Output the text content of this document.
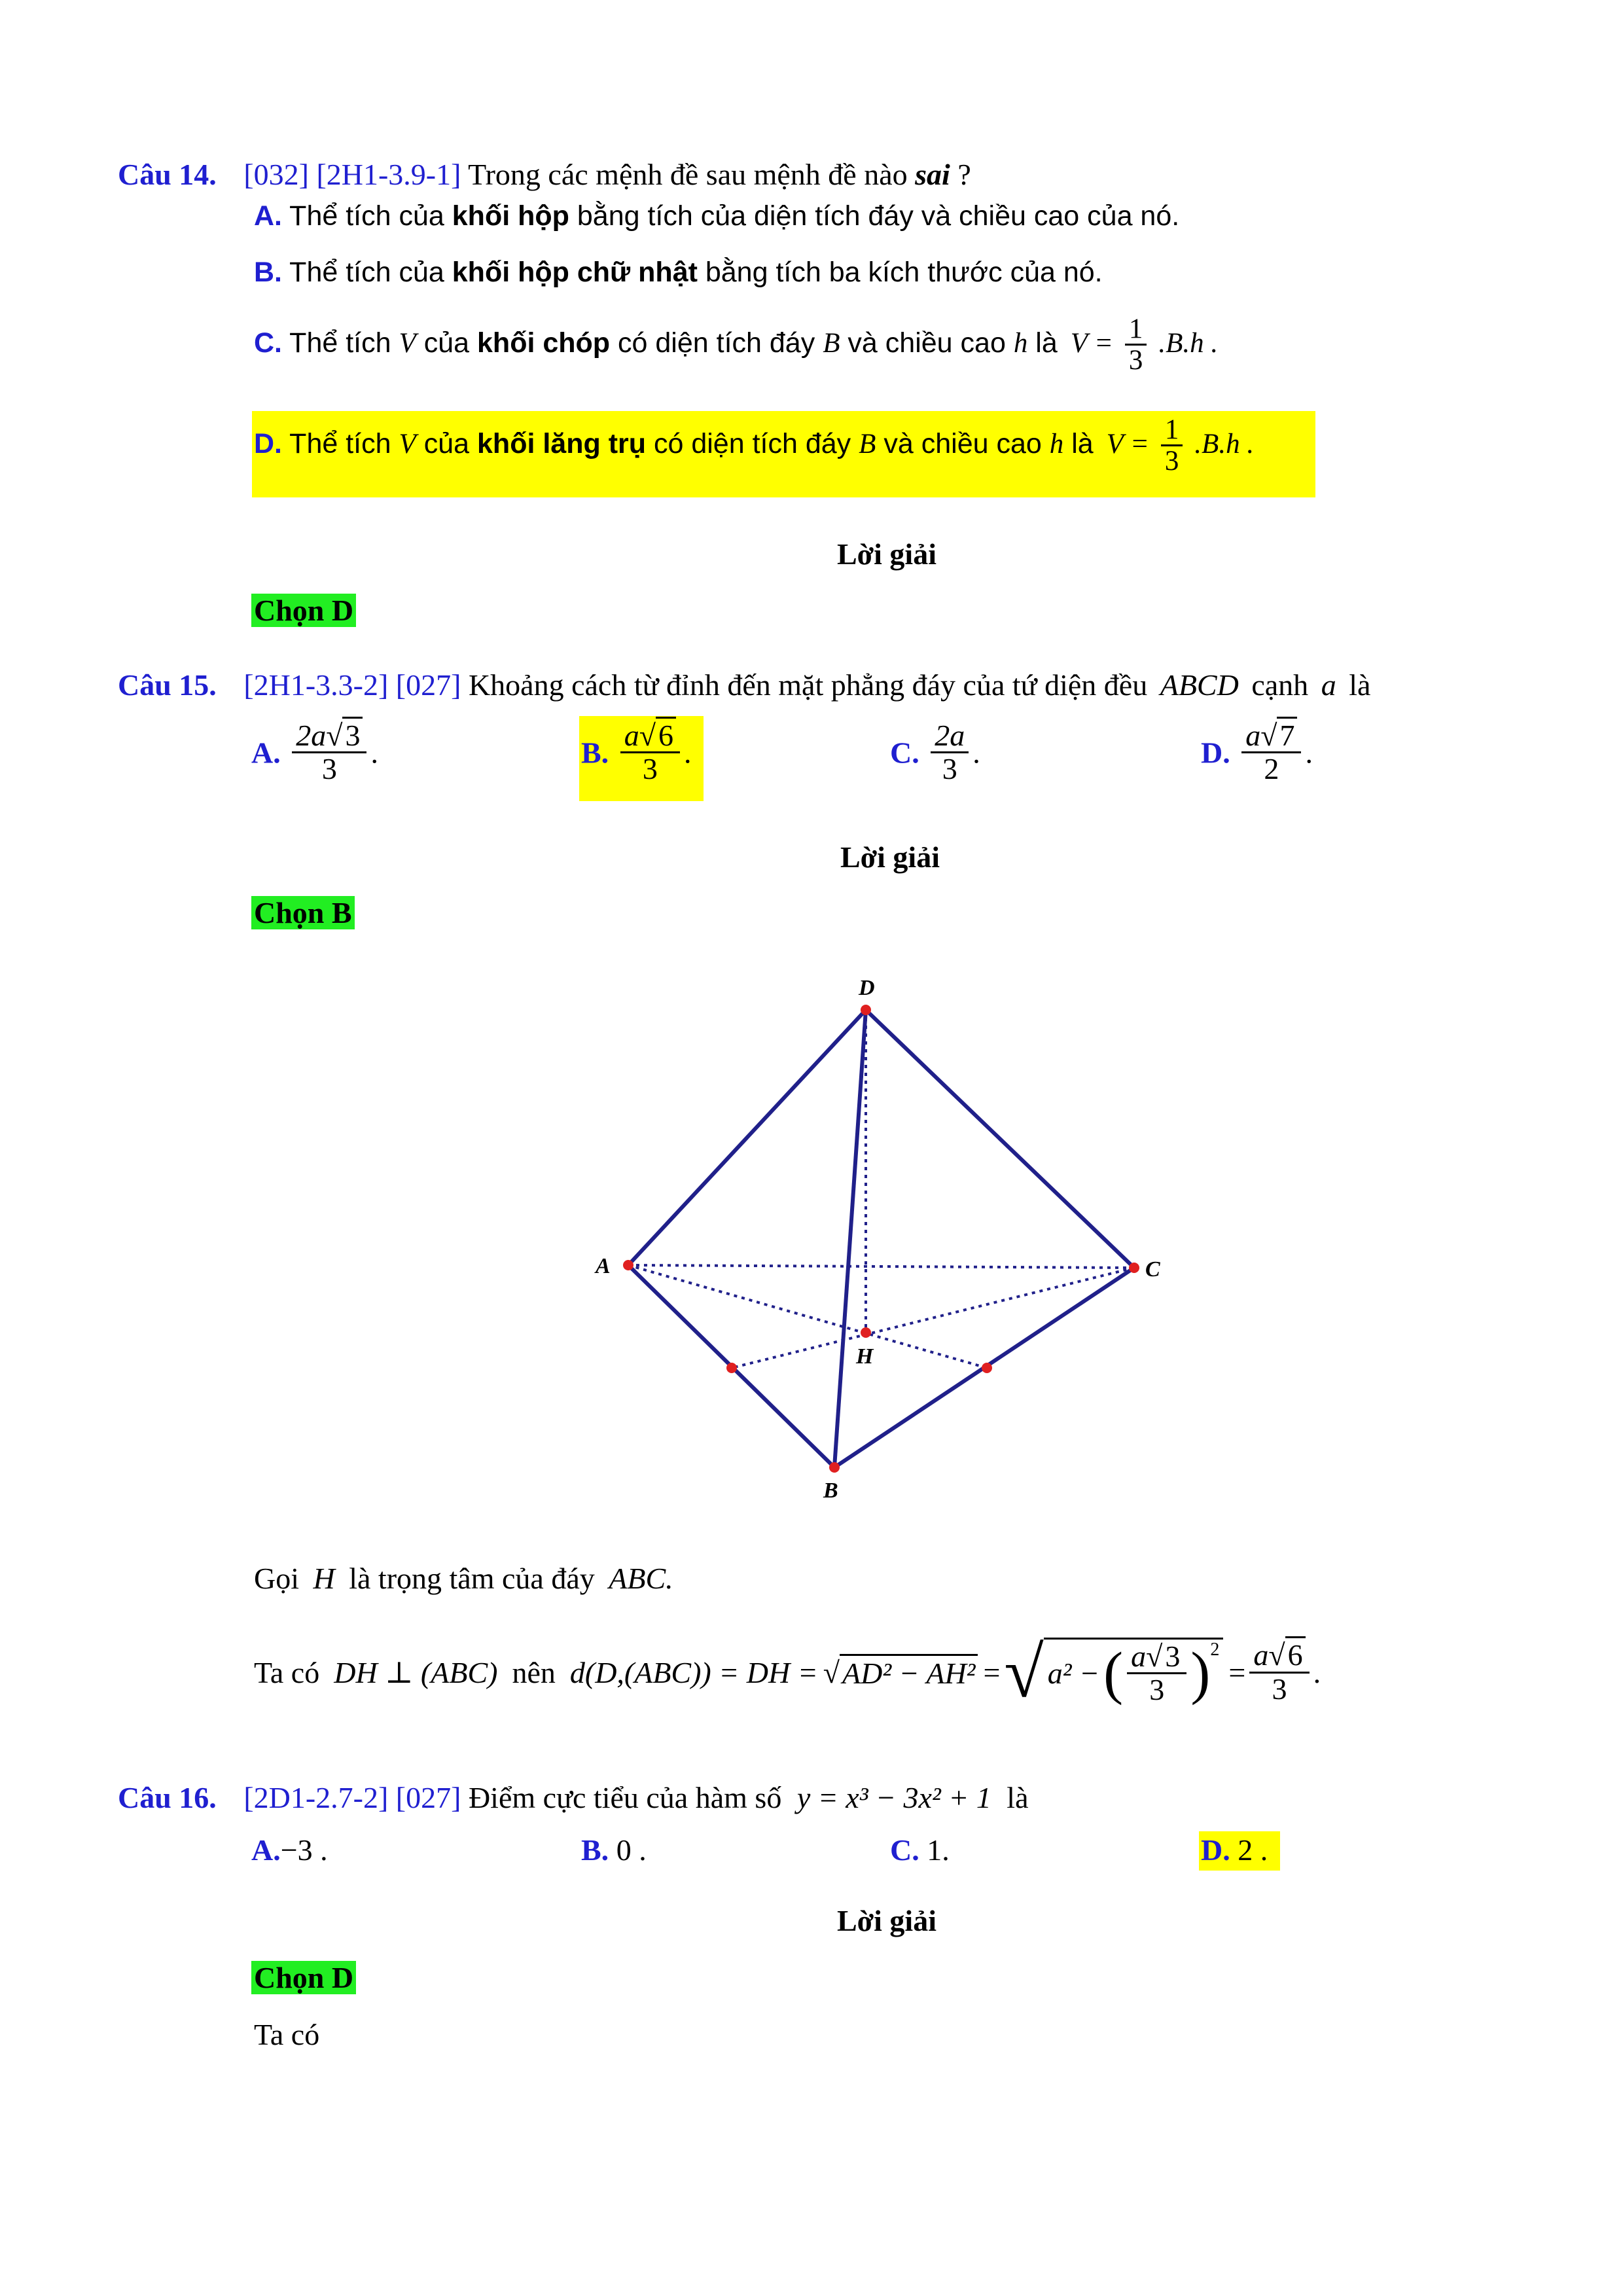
Câu 14. [032] [2H1-3.9-1] Trong các mệnh đề sau mệnh đề nào sai ?
A. Thể tích của khối hộp bằng tích của diện tích đáy và chiều cao của nó.
B. Thể tích của khối hộp chữ nhật bằng tích ba kích thước của nó.
C. Thể tích V của khối chóp có diện tích đáy B và chiều cao h là $V = \frac{1}{3} .B.h$ .
D. Thể tích V của khối lăng trụ có diện tích đáy B và chiều cao h là $V = \frac{1}{3} .B.h$ .
Lời giải
Chọn D
Câu 15. [2H1-3.3-2] [027] Khoảng cách từ đỉnh đến mặt phẳng đáy của tứ diện đều ABCD cạnh a là
A. $\frac{2a√3}{3}$ .	B. $\frac{a√6}{3}$ .	C. $\frac{2a}{3}$ .	D. $\frac{a√7}{2}$ .
Lời giải
Chọn B
D
A	C
H
B
Gọi H là trọng tâm của đáy ABC.
Ta có DH ⊥ (ABC) nên d(D,(ABC)) = DH = √ AD² − AH² = √ a² − ( $\frac{a√3}{3} )^2$
= $\frac{a√6}{3}$ .
Câu 16. [2D1-2.7-2] [027] Điểm cực tiểu của hàm số y = x³ − 3x² + 1 là
A.−3 .	B. 0 .	C. 1.	D. 2 .
Lời giải
Chọn D
Ta có
